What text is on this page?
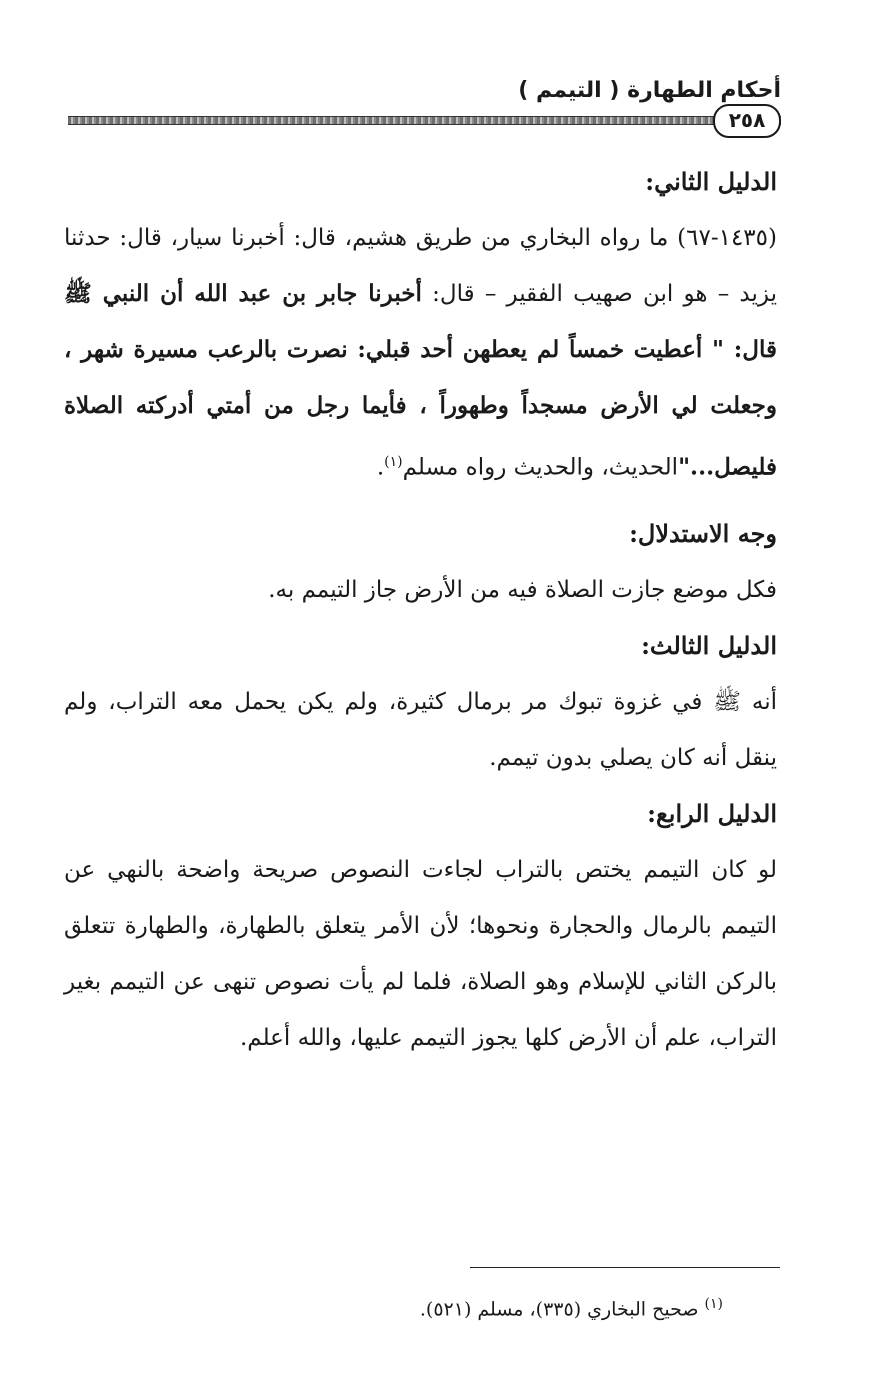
أحكام الطهارة ( التيمم )
٢٥٨

الدليل الثاني:

(١٤٣٥-٦٧) ما رواه البخاري من طريق هشيم، قال: أخبرنا سيار، قال: حدثنا يزيد – هو ابن صهيب الفقير – قال: أخبرنا جابر بن عبد الله أن النبي ﷺ قال: " أعطيت خمساً لم يعطهن أحد قبلي: نصرت بالرعب مسيرة شهر ، وجعلت لي الأرض مسجداً وطهوراً ، فأيما رجل من أمتي أدركته الصلاة فليصل..."الحديث، والحديث رواه مسلم$^{(١)}$.

وجه الاستدلال:

فكل موضع جازت الصلاة فيه من الأرض جاز التيمم به.

الدليل الثالث:

أنه ﷺ في غزوة تبوك مر برمال كثيرة، ولم يكن يحمل معه التراب، ولم ينقل أنه كان يصلي بدون تيمم.

الدليل الرابع:

لو كان التيمم يختص بالتراب لجاءت النصوص صريحة واضحة بالنهي عن التيمم بالرمال والحجارة ونحوها؛ لأن الأمر يتعلق بالطهارة، والطهارة تتعلق بالركن الثاني للإسلام وهو الصلاة، فلما لم يأت نصوص تنهى عن التيمم بغير التراب، علم أن الأرض كلها يجوز التيمم عليها، والله أعلم.

$^{(١)}$ صحيح البخاري (٣٣٥)، مسلم (٥٢١).
